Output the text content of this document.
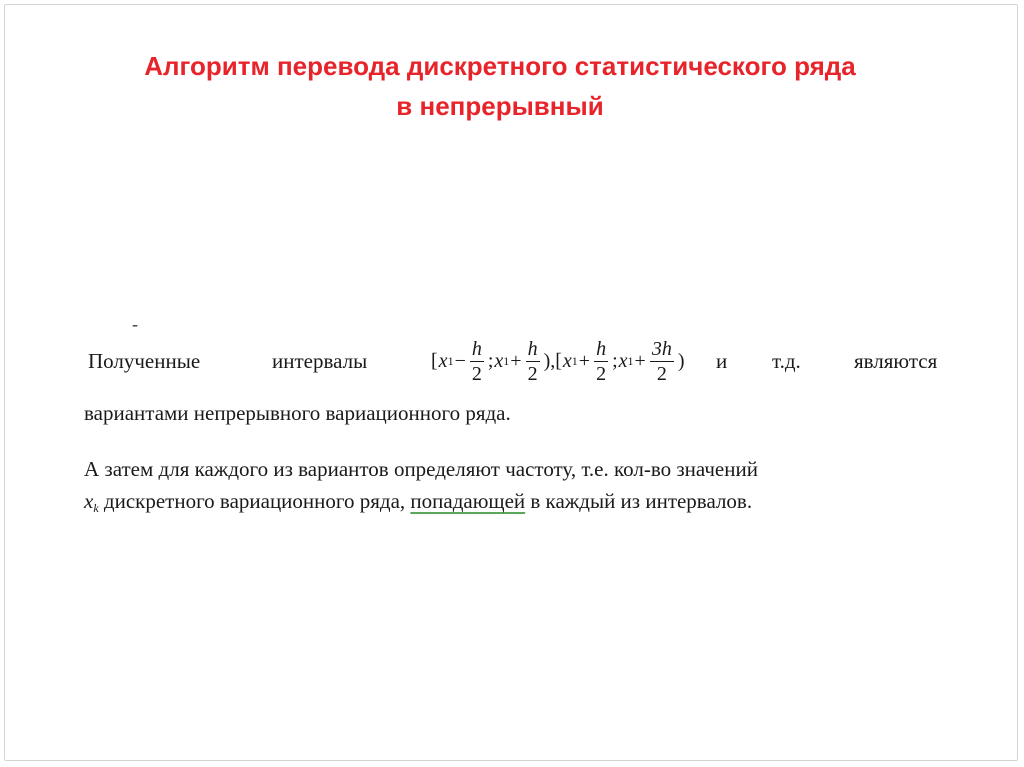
Алгоритм перевода дискретного статистического ряда
в непрерывный
-
Полученные	интервалы	[ x $1 - \frac{h}{2}$ ; x $1 + \frac{h}{2}$ ),[ x $1 + \frac{h}{2}$ ; x $1 + \frac{3h}{2}$ ) и т.д.	являются
вариантами непрерывного вариационного ряда.
А затем для каждого из вариантов определяют частоту, т.е. кол-во значений
$x_k$ дискретного вариационного ряда, попадающей в каждый из интервалов.
